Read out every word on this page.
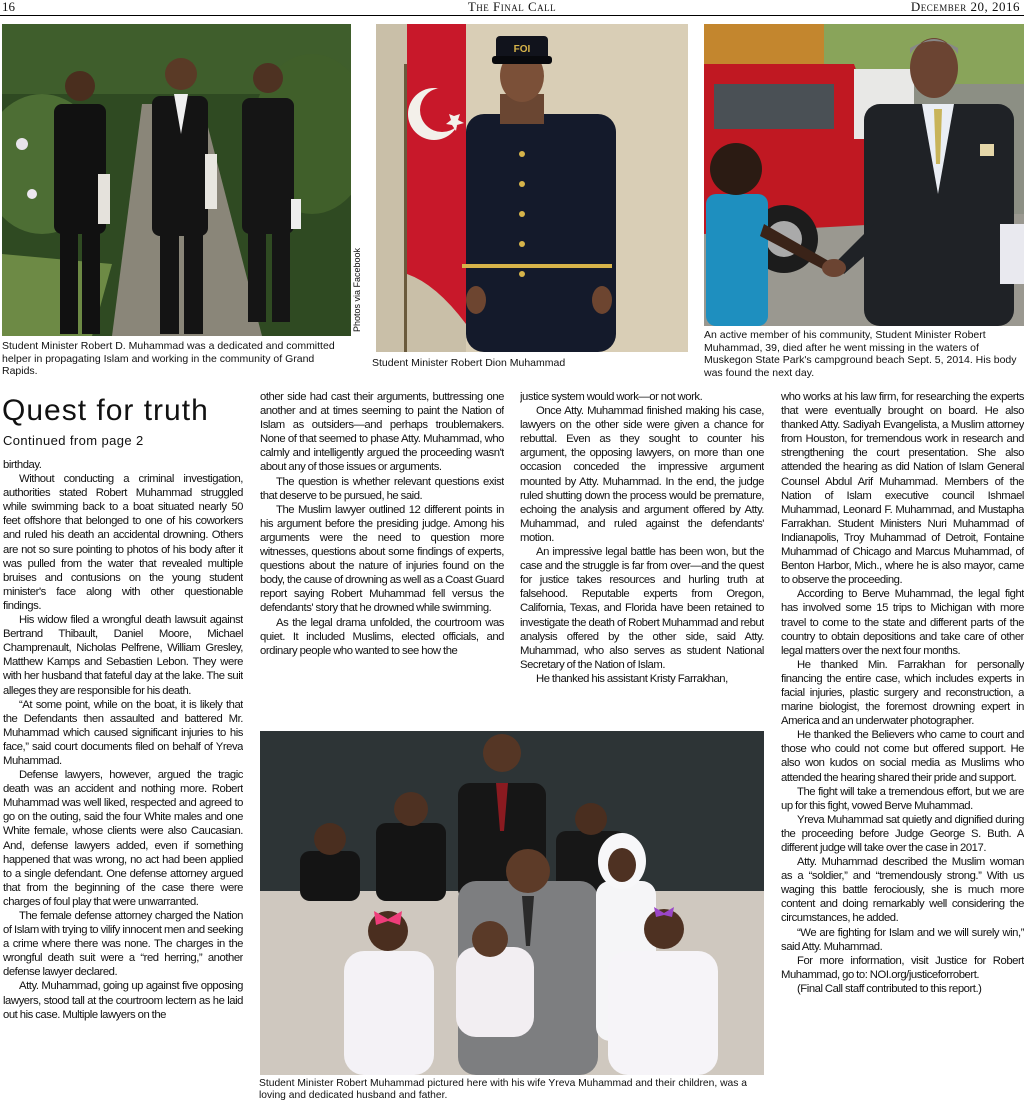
16	The Final Call	December 20, 2016
Student Minister Robert D. Muhammad was a dedicated and committed helper in propagating Islam and working in the community of Grand Rapids.
Photos via Facebook
FOI
Student Minister Robert Dion Muhammad
An active member of his community, Student Minister Robert Muhammad, 39, died after he went missing in the waters of Muskegon State Park's campground beach Sept. 5, 2014. His body was found the next day.
Quest for truth
Continued from page 2

birthday.

Without conducting a criminal investigation, authorities stated Robert Muhammad struggled while swimming back to a boat situated nearly 50 feet offshore that belonged to one of his coworkers and ruled his death an accidental drowning. Others are not so sure pointing to photos of his body after it was pulled from the water that revealed multiple bruises and contusions on the young student minister's face along with other questionable findings.

His widow filed a wrongful death lawsuit against Bertrand Thibault, Daniel Moore, Michael Champrenault, Nicholas Pelfrene, William Gresley, Matthew Kamps and Sebastien Lebon. They were with her husband that fateful day at the lake. The suit alleges they are responsible for his death.

“At some point, while on the boat, it is likely that the Defendants then assaulted and battered Mr. Muhammad which caused significant injuries to his face,” said court documents filed on behalf of Yreva Muhammad.

Defense lawyers, however, argued the tragic death was an accident and nothing more. Robert Muhammad was well liked, respected and agreed to go on the outing, said the four White males and one White female, whose clients were also Caucasian. And, defense lawyers added, even if something happened that was wrong, no act had been applied to a single defendant. One defense attorney argued that from the beginning of the case there were charges of foul play that were unwarranted.

The female defense attorney charged the Nation of Islam with trying to vilify innocent men and seeking a crime where there was none. The charges in the wrongful death suit were a “red herring,” another defense lawyer declared.

Atty. Muhammad, going up against five opposing lawyers, stood tall at the courtroom lectern as he laid out his case. Multiple lawyers on the

other side had cast their arguments, buttressing one another and at times seeming to paint the Nation of Islam as outsiders—and perhaps troublemakers. None of that seemed to phase Atty. Muhammad, who calmly and intelligently argued the proceeding wasn't about any of those issues or arguments.

The question is whether relevant questions exist that deserve to be pursued, he said.

The Muslim lawyer outlined 12 different points in his argument before the presiding judge. Among his arguments were the need to question more witnesses, questions about some findings of experts, questions about the nature of injuries found on the body, the cause of drowning as well as a Coast Guard report saying Robert Muhammad fell versus the defendants' story that he drowned while swimming.

As the legal drama unfolded, the courtroom was quiet. It included Muslims, elected officials, and ordinary people who wanted to see how the

justice system would work—or not work.

Once Atty. Muhammad finished making his case, lawyers on the other side were given a chance for rebuttal. Even as they sought to counter his argument, the opposing lawyers, on more than one occasion conceded the impressive argument mounted by Atty. Muhammad. In the end, the judge ruled shutting down the process would be premature, echoing the analysis and argument offered by Atty. Muhammad, and ruled against the defendants' motion.

An impressive legal battle has been won, but the case and the struggle is far from over—and the quest for justice takes resources and hurling truth at falsehood. Reputable experts from Oregon, California, Texas, and Florida have been retained to investigate the death of Robert Muhammad and rebut analysis offered by the other side, said Atty. Muhammad, who also serves as student National Secretary of the Nation of Islam.

He thanked his assistant Kristy Farrakhan,

who works at his law firm, for researching the experts that were eventually brought on board. He also thanked Atty. Sadiyah Evangelista, a Muslim attorney from Houston, for tremendous work in research and strengthening the court presentation. She also attended the hearing as did Nation of Islam General Counsel Abdul Arif Muhammad. Members of the Nation of Islam executive council Ishmael Muhammad, Leonard F. Muhammad, and Mustapha Farrakhan. Student Ministers Nuri Muhammad of Indianapolis, Troy Muhammad of Detroit, Fontaine Muhammad of Chicago and Marcus Muhammad, of Benton Harbor, Mich., where he is also mayor, came to observe the proceeding.

According to Berve Muhammad, the legal fight has involved some 15 trips to Michigan with more travel to come to the state and different parts of the country to obtain depositions and take care of other legal matters over the next four months.

He thanked Min. Farrakhan for personally financing the entire case, which includes experts in facial injuries, plastic surgery and reconstruction, a marine biologist, the foremost drowning expert in America and an underwater photographer.

He thanked the Believers who came to court and those who could not come but offered support. He also won kudos on social media as Muslims who attended the hearing shared their pride and support.

The fight will take a tremendous effort, but we are up for this fight, vowed Berve Muhammad.

Yreva Muhammad sat quietly and dignified during the proceeding before Judge George S. Buth. A different judge will take over the case in 2017.

Atty. Muhammad described the Muslim woman as a “soldier,” and “tremendously strong.” With us waging this battle ferociously, she is much more content and doing remarkably well considering the circumstances, he added.

“We are fighting for Islam and we will surely win,” said Atty. Muhammad.

For more information, visit Justice for Robert Muhammad, go to: NOI.org/justiceforrobert.

(Final Call staff contributed to this report.)

Student Minister Robert Muhammad pictured here with his wife Yreva Muhammad and their children, was a loving and dedicated husband and father.
